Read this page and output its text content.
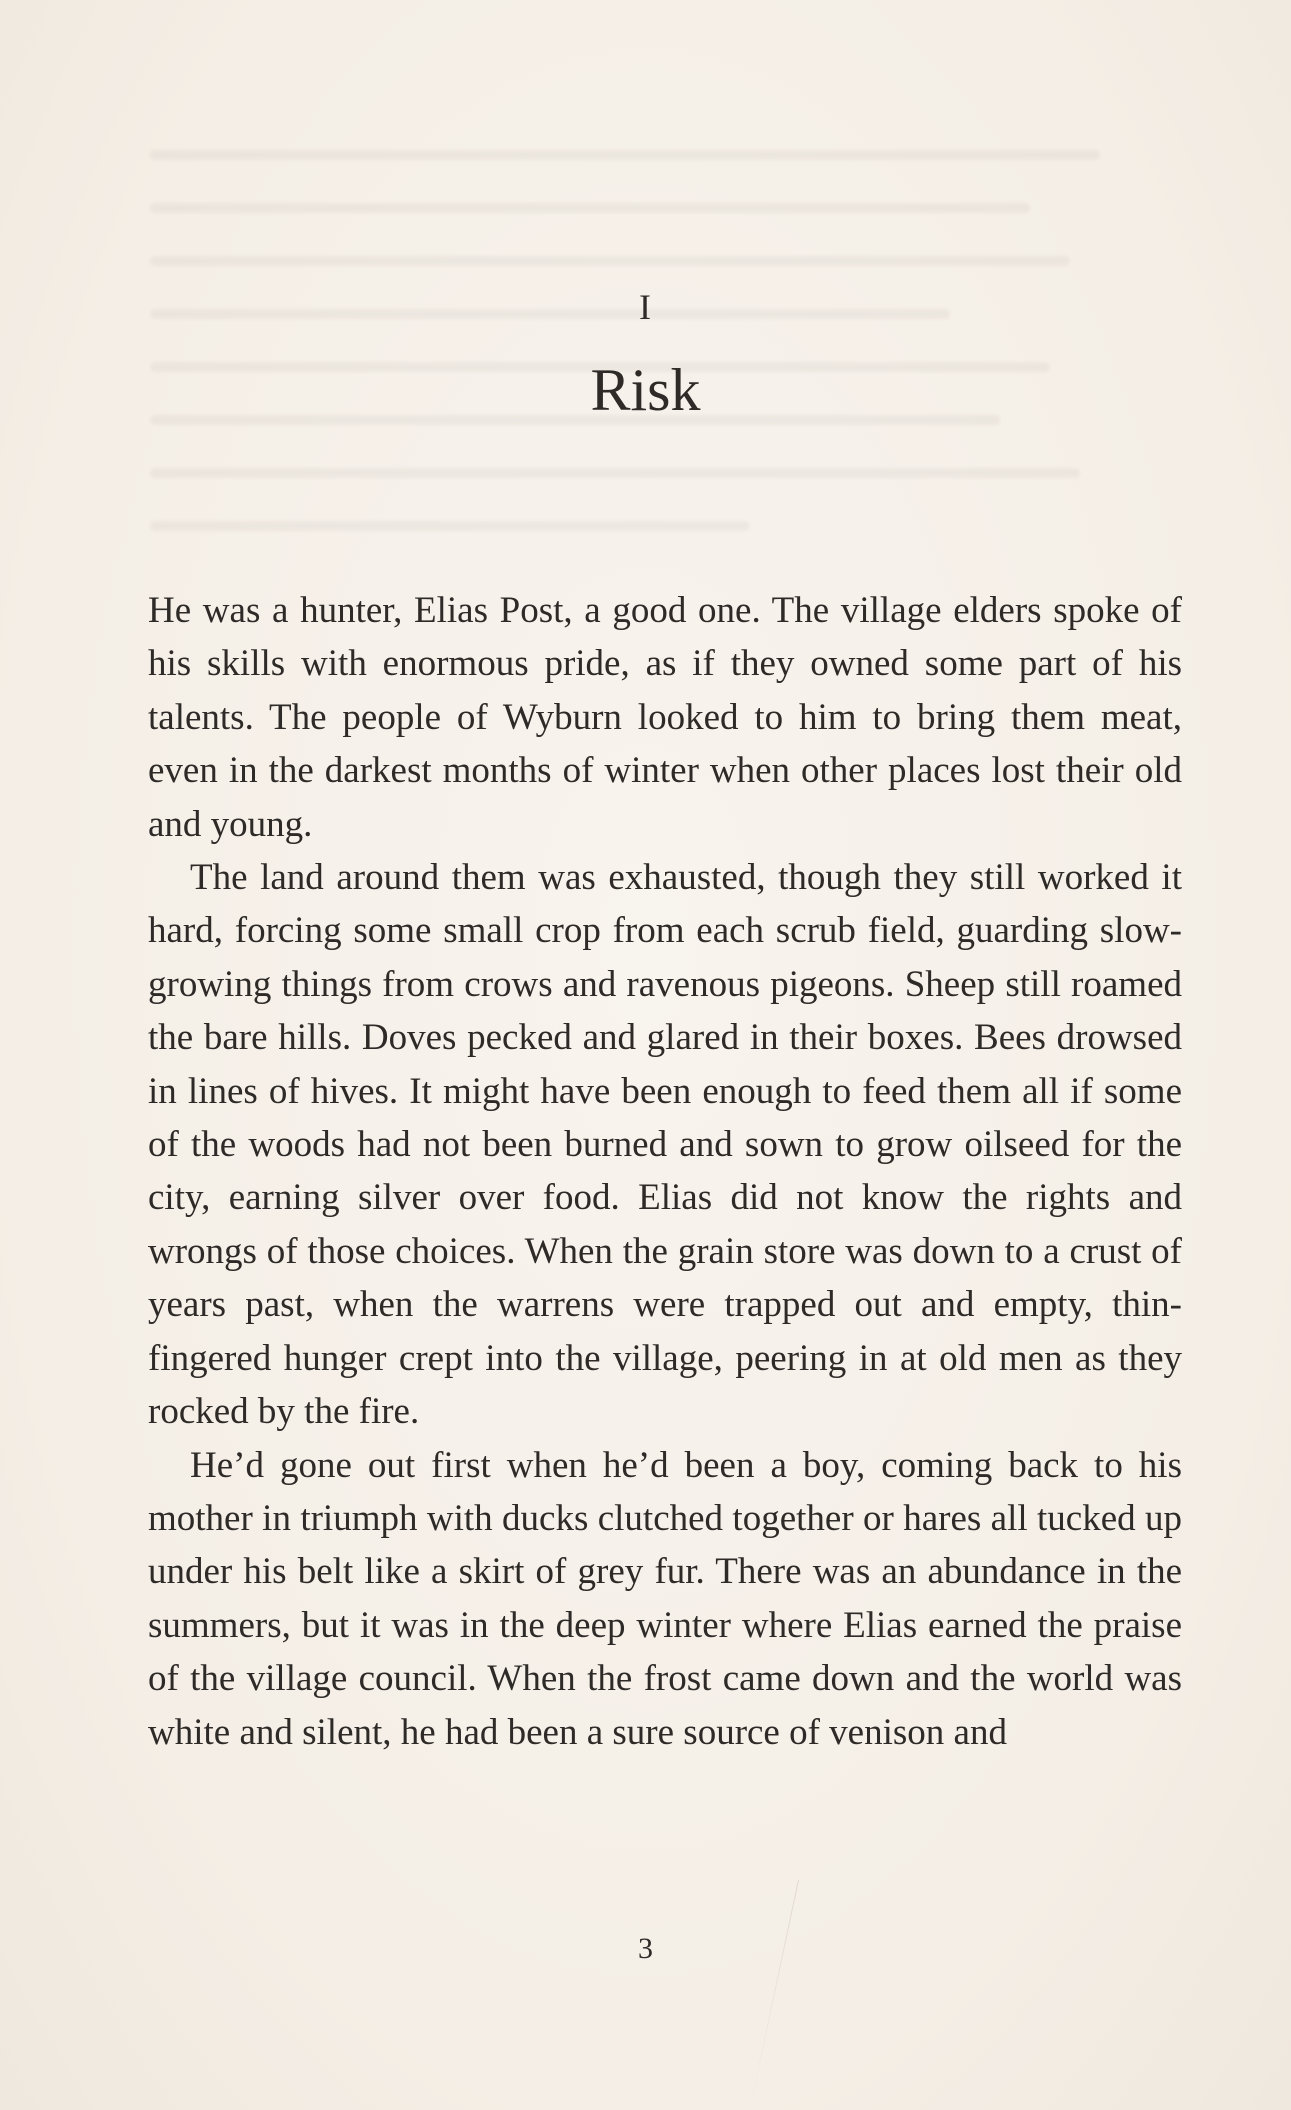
I
Risk

He was a hunter, Elias Post, a good one. The village elders spoke of his skills with enormous pride, as if they owned some part of his talents. The people of Wyburn looked to him to bring them meat, even in the darkest months of winter when other places lost their old and young.

The land around them was exhausted, though they still worked it hard, forcing some small crop from each scrub field, guarding slow-growing things from crows and ravenous pigeons. Sheep still roamed the bare hills. Doves pecked and glared in their boxes. Bees drowsed in lines of hives. It might have been enough to feed them all if some of the woods had not been burned and sown to grow oilseed for the city, earning silver over food. Elias did not know the rights and wrongs of those choices. When the grain store was down to a crust of years past, when the warrens were trapped out and empty, thin-fingered hunger crept into the village, peering in at old men as they rocked by the fire.

He’d gone out first when he’d been a boy, coming back to his mother in triumph with ducks clutched together or hares all tucked up under his belt like a skirt of grey fur. There was an abundance in the summers, but it was in the deep winter where Elias earned the praise of the village council. When the frost came down and the world was white and silent, he had been a sure source of venison and

3
